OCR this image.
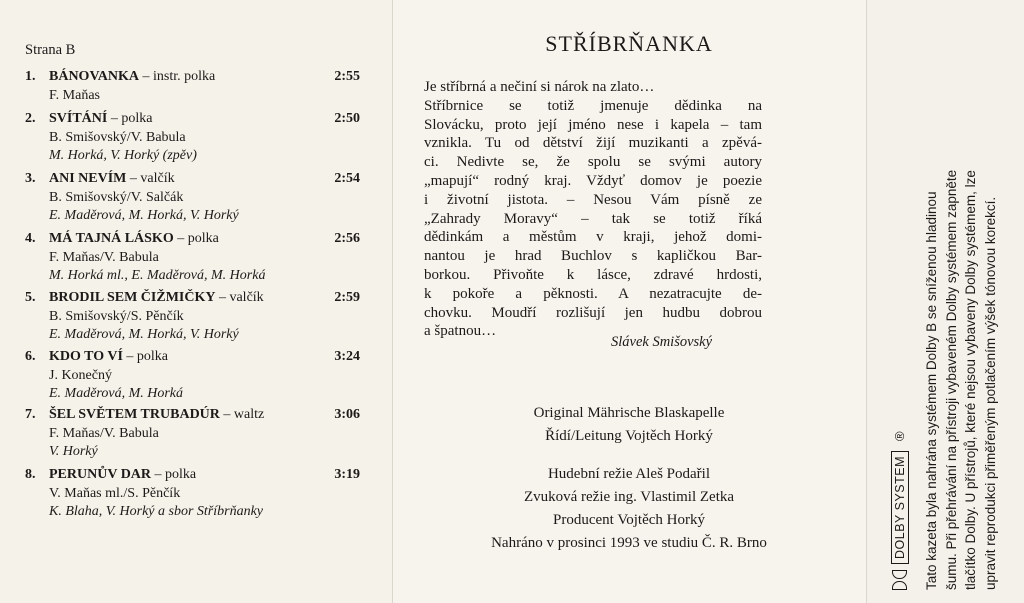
Strana B
1. BÁNOVANKA – instr. polka	2:55
F. Maňas
2. SVÍTÁNÍ – polka	2:50
B. Smišovský/V. Babula
M. Horká, V. Horký (zpěv)
3. ANI NEVÍM – valčík	2:54
B. Smišovský/V. Salčák
E. Maděrová, M. Horká, V. Horký
4. MÁ TAJNÁ LÁSKO – polka	2:56
F. Maňas/V. Babula
M. Horká ml., E. Maděrová, M. Horká
5. BRODIL SEM ČIŽMIČKY – valčík	2:59
B. Smišovský/S. Pěnčík
E. Maděrová, M. Horká, V. Horký
6. KDO TO VÍ – polka	3:24
J. Konečný
E. Maděrová, M. Horká
7. ŠEL SVĚTEM TRUBADÚR – waltz	3:06
F. Maňas/V. Babula
V. Horký
8. PERUNŮV DAR – polka	3:19
V. Maňas ml./S. Pěnčík
K. Blaha, V. Horký a sbor Stříbrňanky
STŘÍBRŇANKA
Je stříbrná a nečiní si nárok na zlato…
Stříbrnice se totiž jmenuje dědinka na
Slovácku, proto její jméno nese i kapela – tam
vznikla. Tu od dětství žijí muzikanti a zpěvá-
ci. Nedivte se, že spolu se svými autory
„mapují“ rodný kraj. Vždyť domov je poezie
i životní jistota. – Nesou Vám písně ze
„Zahrady Moravy“ – tak se totiž říká
dědinkám a městům v kraji, jehož domi-
nantou je hrad Buchlov s kapličkou Bar-
borkou. Přivoňte k lásce, zdravé hrdosti,
k pokoře a pěknosti. A nezatracujte de-
chovku. Moudří rozlišují jen hudbu dobrou
a špatnou…
Slávek Smišovský
Original Mährische Blaskapelle
Řídí/Leitung Vojtěch Horký
Hudební režie Aleš Podařil
Zvuková režie ing. Vlastimil Zetka
Producent Vojtěch Horký
Nahráno v prosinci 1993 ve studiu Č. R. Brno	DOLBY SYSTEM
® Tato kazeta byla nahrána systémem Dolby B se sníženou hladinou šumu. Při přehrávání na přístroji vybaveném Dolby systémem zapněte tlačítko Dolby. U přístrojů, které nejsou vybaveny Dolby systémem, lze upravit reprodukci přiměřeným potlačením výšek tónovou korekcí.
